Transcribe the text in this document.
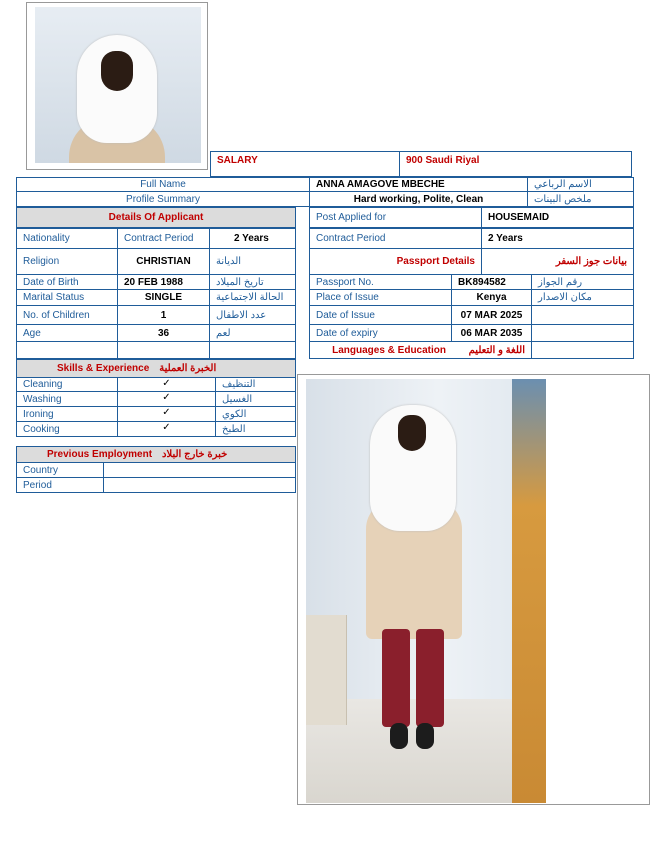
SALARY	900 Saudi Riyal
Full Name	ANNA AMAGOVE MBECHE	الاسم الرباعي
Profile Summary	Hard working, Polite, Clean	ملخص البينات
Details Of Applicant	Post Applied for	HOUSEMAID
Nationality	Contract Period	2 Years	Contract Period	2 Years
Religion	CHRISTIAN	الديانة	Passport Details	بيانات جوز السفر
Date of Birth	20 FEB 1988	تاريخ الميلاد	Passport No.	BK894582	رقم الجواز
Marital Status	SINGLE	الحالة الاجتماعية	Place of Issue	Kenya	مكان الاصدار
No. of Children	1	عدد الاطفال	Date of Issue	07 MAR 2025
Age	36	لعم	Date of expiry	06 MAR 2035
Languages & Education	اللغة و التعليم
Skills & Experience الخبرة العملية
Cleaning	✓	التنظيف
Washing	✓	الغسيل
Ironing	✓	الكوي
Cooking	✓	الطبخ
Previous Employment خبرة خارج البلاد
Country
Period
